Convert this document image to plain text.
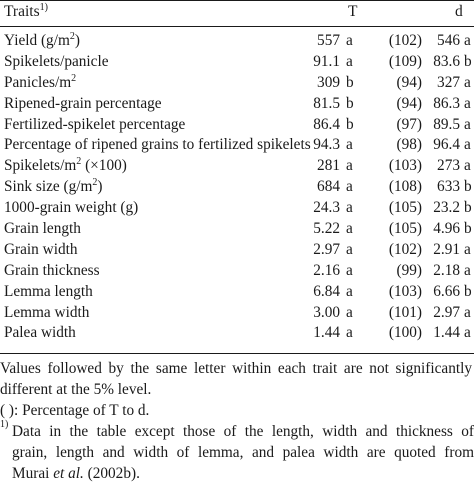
Traits$^{1)}$	T	d
Yield $(g/m^2)$	557 a (102) 546 a
Spikelets/panicle	91.1 a (109) 83.6 b
Panicles/$m^2$	309 b	(94) 327 a
Ripened-grain percentage	81.5 b	(94) 86.3 a
Fertilized-spikelet percentage	86.4 b	(97) 89.5 a
Percentage of ripened grains to fertilized spikelets 94.3 a	(98) 96.4 a
Spikelets/$m^2$ (×100)	281 a (103) 273 a
Sink size $(g/m^2)$	684 a (108) 633 b
1000-grain weight (g)	24.3 a (105) 23.2 b
Grain length	5.22 a (105) 4.96 b
Grain width	2.97 a (102) 2.91 a
Grain thickness	2.16 a	(99) 2.18 a
Lemma length	6.84 a (103) 6.66 b
Lemma width	3.00 a (101) 2.97 a
Palea width	1.44 a (100) 1.44 a
Values followed by the same letter within each trait are not significantly different at the 5% level.
( ): Percentage of T to d.
1) Data in the table except those of the length, width and thickness of
grain, length and width of lemma, and palea width are quoted from
Murai et al. (2002b).
